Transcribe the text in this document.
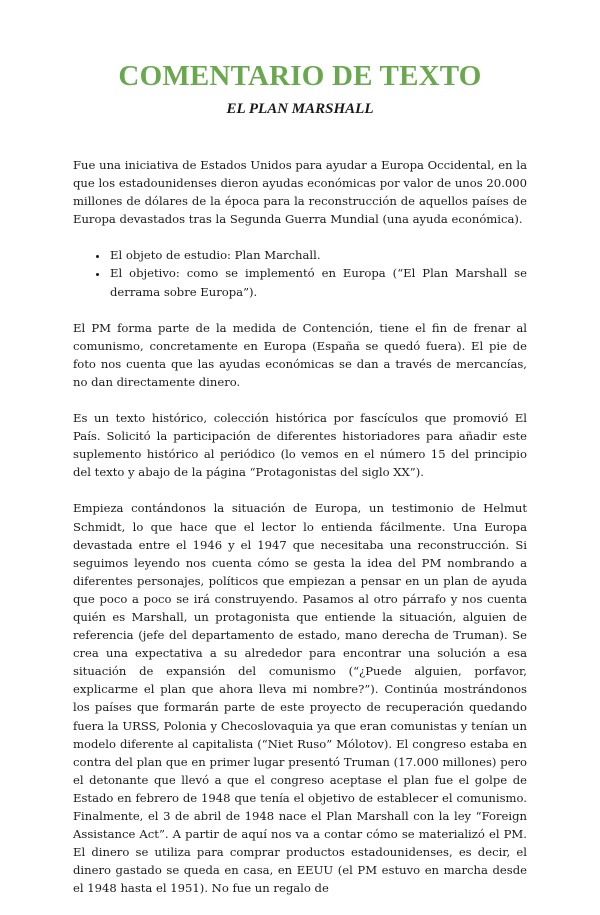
COMENTARIO DE TEXTO
EL PLAN MARSHALL

Fue una iniciativa de Estados Unidos para ayudar a Europa Occidental, en la que los estadounidenses dieron ayudas económicas por valor de unos 20.000 millones de dólares de la época para la reconstrucción de aquellos países de Europa devastados tras la Segunda Guerra Mundial (una ayuda económica).

• El objeto de estudio: Plan Marchall.
• El objetivo: como se implementó en Europa (“El Plan Marshall se derrama sobre Europa”).

El PM forma parte de la medida de Contención, tiene el fin de frenar al comunismo, concretamente en Europa (España se quedó fuera). El pie de foto nos cuenta que las ayudas económicas se dan a través de mercancías, no dan directamente dinero.

Es un texto histórico, colección histórica por fascículos que promovió El País. Solicitó la participación de diferentes historiadores para añadir este suplemento histórico al periódico (lo vemos en el número 15 del principio del texto y abajo de la página “Protagonistas del siglo XX”).

Empieza contándonos la situación de Europa, un testimonio de Helmut Schmidt, lo que hace que el lector lo entienda fácilmente. Una Europa devastada entre el 1946 y el 1947 que necesitaba una reconstrucción. Si seguimos leyendo nos cuenta cómo se gesta la idea del PM nombrando a diferentes personajes, políticos que empiezan a pensar en un plan de ayuda que poco a poco se irá construyendo. Pasamos al otro párrafo y nos cuenta quién es Marshall, un protagonista que entiende la situación, alguien de referencia (jefe del departamento de estado, mano derecha de Truman). Se crea una expectativa a su alrededor para encontrar una solución a esa situación de expansión del comunismo (“¿Puede alguien, porfavor, explicarme el plan que ahora lleva mi nombre?”). Continúa mostrándonos los países que formarán parte de este proyecto de recuperación quedando fuera la URSS, Polonia y Checoslovaquia ya que eran comunistas y tenían un modelo diferente al capitalista (“Niet Ruso” Mólotov). El congreso estaba en contra del plan que en primer lugar presentó Truman (17.000 millones) pero el detonante que llevó a que el congreso aceptase el plan fue el golpe de Estado en febrero de 1948 que tenía el objetivo de establecer el comunismo. Finalmente, el 3 de abril de 1948 nace el Plan Marshall con la ley “Foreign Assistance Act”. A partir de aquí nos va a contar cómo se materializó el PM. El dinero se utiliza para comprar productos estadounidenses, es decir, el dinero gastado se queda en casa, en EEUU (el PM estuvo en marcha desde el 1948 hasta el 1951). No fue un regalo de
